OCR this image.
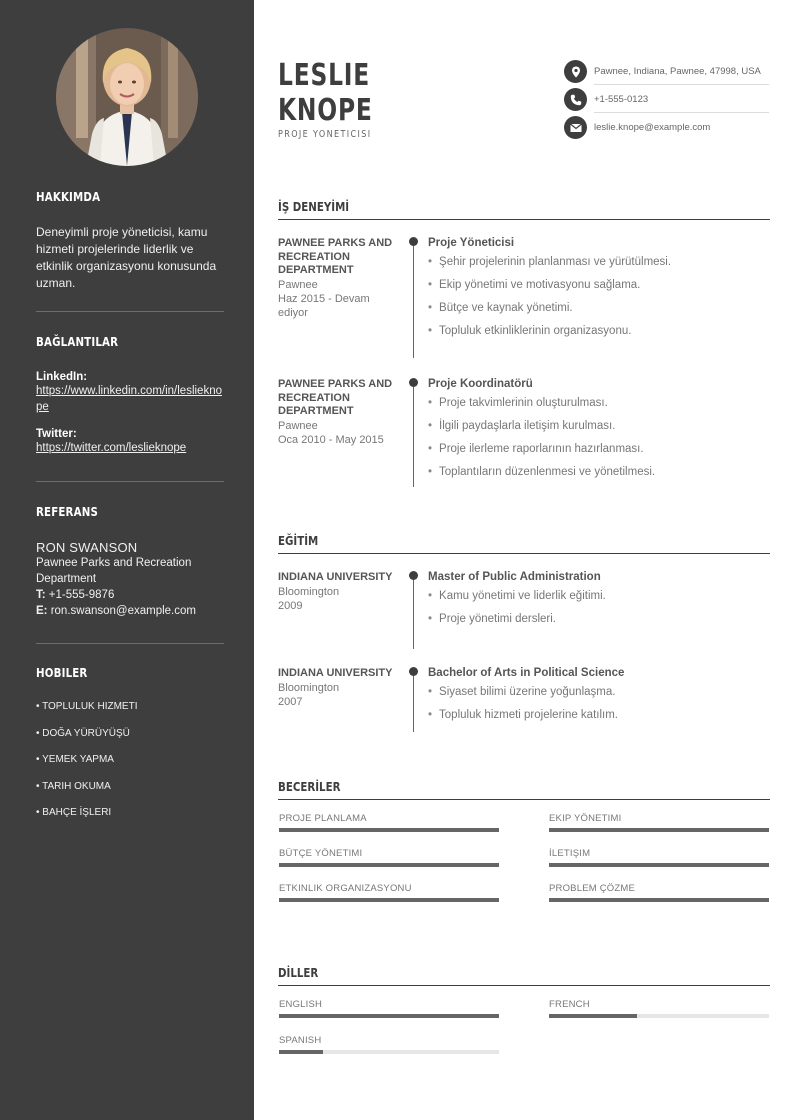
HAKKIMDA
Deneyimli proje yöneticisi, kamu hizmeti projelerinde liderlik ve etkinlik organizasyonu konusunda uzman.
BAĞLANTILAR
LinkedIn:
https://www.linkedin.com/in/leslieknope
Twitter:
https://twitter.com/leslieknope
REFERANS
RON SWANSON
Pawnee Parks and Recreation Department
T: +1-555-9876
E: ron.swanson@example.com
HOBILER
• TOPLULUK HIZMETI
• DOĞA YÜRÜYÜŞÜ
• YEMEK YAPMA
• TARIH OKUMA
• BAHÇE İŞLERI
LESLIE
KNOPE
PROJE YÖNETICISI
Pawnee, Indiana, Pawnee, 47998, USA
+1-555-0123
leslie.knope@example.com
İŞ DENEYİMİ
PAWNEE PARKS AND RECREATION DEPARTMENT
Pawnee
Haz 2015 - Devam ediyor
Proje Yöneticisi
• Şehir projelerinin planlanması ve yürütülmesi.
• Ekip yönetimi ve motivasyonu sağlama.
• Bütçe ve kaynak yönetimi.
• Topluluk etkinliklerinin organizasyonu.
PAWNEE PARKS AND RECREATION DEPARTMENT
Pawnee
Oca 2010 - May 2015
Proje Koordinatörü
• Proje takvimlerinin oluşturulması.
• İlgili paydaşlarla iletişim kurulması.
• Proje ilerleme raporlarının hazırlanması.
• Toplantıların düzenlenmesi ve yönetilmesi.
EĞİTİM
INDIANA UNIVERSITY
Bloomington
2009
Master of Public Administration
• Kamu yönetimi ve liderlik eğitimi.
• Proje yönetimi dersleri.
INDIANA UNIVERSITY
Bloomington
2007
Bachelor of Arts in Political Science
• Siyaset bilimi üzerine yoğunlaşma.
• Topluluk hizmeti projelerine katılım.
BECERİLER
PROJE PLANLAMA	EKIP YÖNETIMI
BÜTÇE YÖNETIMI	İLETIŞIM
ETKINLIK ORGANIZASYONU	PROBLEM ÇÖZME
DİLLER
ENGLISH	FRENCH
SPANISH
